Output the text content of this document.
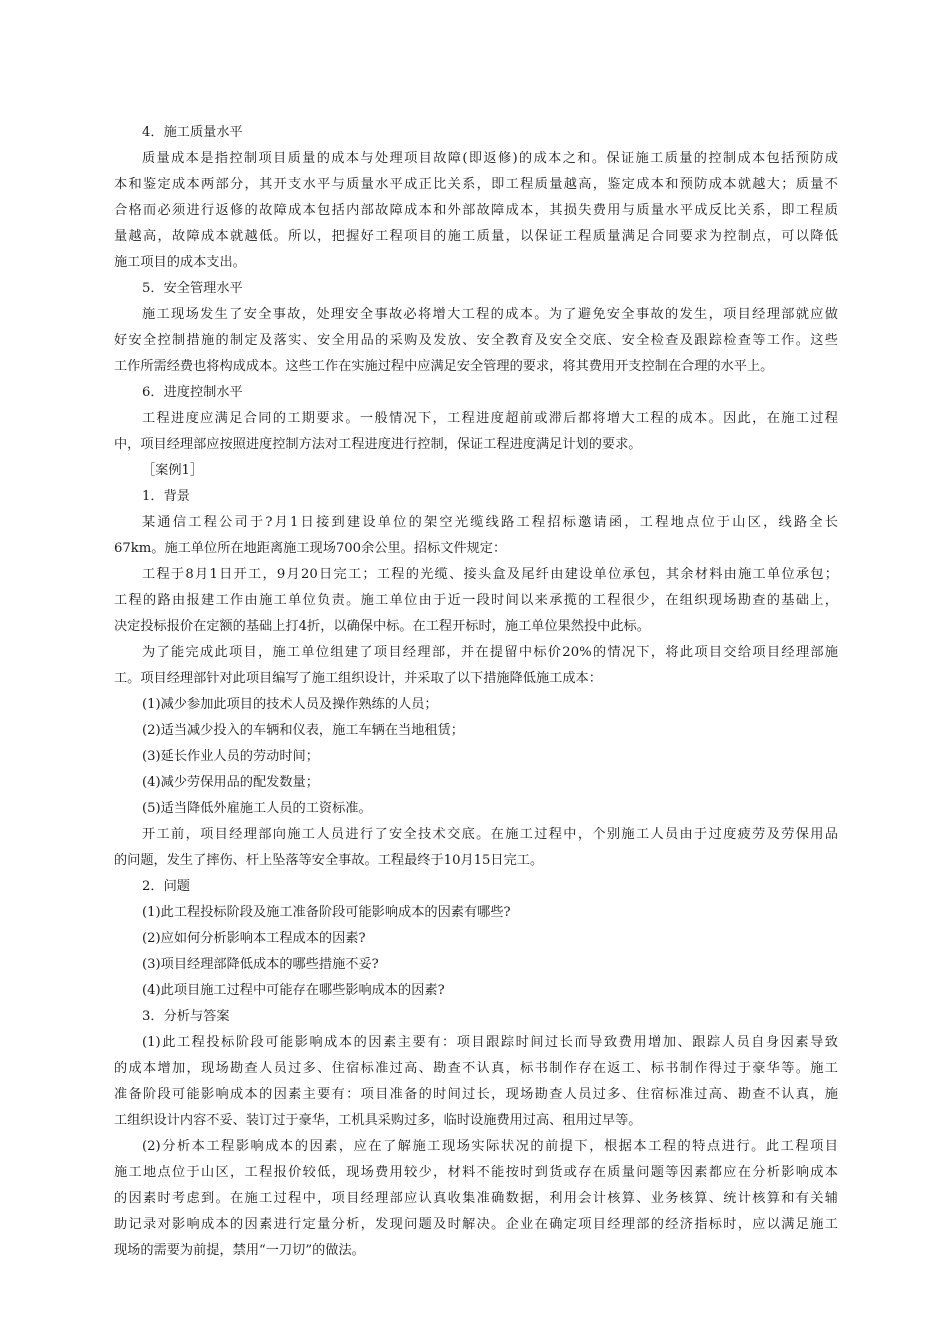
4．施工质量水平
质量成本是指控制项目质量的成本与处理项目故障(即返修)的成本之和。保证施工质量的控制成本包括预防成
本和鉴定成本两部分，其开支水平与质量水平成正比关系，即工程质量越高，鉴定成本和预防成本就越大；质量不
合格而必须进行返修的故障成本包括内部故障成本和外部故障成本，其损失费用与质量水平成反比关系，即工程质
量越高，故障成本就越低。所以，把握好工程项目的施工质量，以保证工程质量满足合同要求为控制点，可以降低
施工项目的成本支出。
5．安全管理水平
施工现场发生了安全事故，处理安全事故必将增大工程的成本。为了避免安全事故的发生，项目经理部就应做
好安全控制措施的制定及落实、安全用品的采购及发放、安全教育及安全交底、安全检查及跟踪检查等工作。这些
工作所需经费也将构成成本。这些工作在实施过程中应满足安全管理的要求，将其费用开支控制在合理的水平上。
6．进度控制水平
工程进度应满足合同的工期要求。一般情况下，工程进度超前或滞后都将增大工程的成本。因此，在施工过程
中，项目经理部应按照进度控制方法对工程进度进行控制，保证工程进度满足计划的要求。
［案例1］
1．背景
某通信工程公司于?月1日接到建设单位的架空光缆线路工程招标邀请函，工程地点位于山区，线路全长
67km。施工单位所在地距离施工现场700余公里。招标文件规定：
工程于8月1日开工，9月20日完工；工程的光缆、接头盒及尾纤由建设单位承包，其余材料由施工单位承包；
工程的路由报建工作由施工单位负责。施工单位由于近一段时间以来承揽的工程很少，在组织现场勘查的基础上，
决定投标报价在定额的基础上打4折，以确保中标。在工程开标时，施工单位果然投中此标。
为了能完成此项目，施工单位组建了项目经理部，并在提留中标价20%的情况下，将此项目交给项目经理部施
工。项目经理部针对此项目编写了施工组织设计，并采取了以下措施降低施工成本：
(1)减少参加此项目的技术人员及操作熟练的人员；
(2)适当减少投入的车辆和仪表，施工车辆在当地租赁；
(3)延长作业人员的劳动时间；
(4)减少劳保用品的配发数量；
(5)适当降低外雇施工人员的工资标准。
开工前，项目经理部向施工人员进行了安全技术交底。在施工过程中，个别施工人员由于过度疲劳及劳保用品
的问题，发生了摔伤、杆上坠落等安全事故。工程最终于10月15日完工。
2．问题
(1)此工程投标阶段及施工准备阶段可能影响成本的因素有哪些?
(2)应如何分析影响本工程成本的因素?
(3)项目经理部降低成本的哪些措施不妥?
(4)此项目施工过程中可能存在哪些影响成本的因素?
3．分析与答案
(1)此工程投标阶段可能影响成本的因素主要有：项目跟踪时间过长而导致费用增加、跟踪人员自身因素导致
的成本增加，现场勘查人员过多、住宿标准过高、勘查不认真，标书制作存在返工、标书制作得过于豪华等。施工
准备阶段可能影响成本的因素主要有：项目准备的时间过长，现场勘查人员过多、住宿标准过高、勘查不认真，施
工组织设计内容不妥、装订过于豪华，工机具采购过多，临时设施费用过高、租用过早等。
(2)分析本工程影响成本的因素，应在了解施工现场实际状况的前提下，根据本工程的特点进行。此工程项目
施工地点位于山区，工程报价较低，现场费用较少，材料不能按时到货或存在质量问题等因素都应在分析影响成本
的因素时考虑到。在施工过程中，项目经理部应认真收集准确数据，利用会计核算、业务核算、统计核算和有关辅
助记录对影响成本的因素进行定量分析，发现问题及时解决。企业在确定项目经理部的经济指标时，应以满足施工
现场的需要为前提，禁用“一刀切”的做法。
